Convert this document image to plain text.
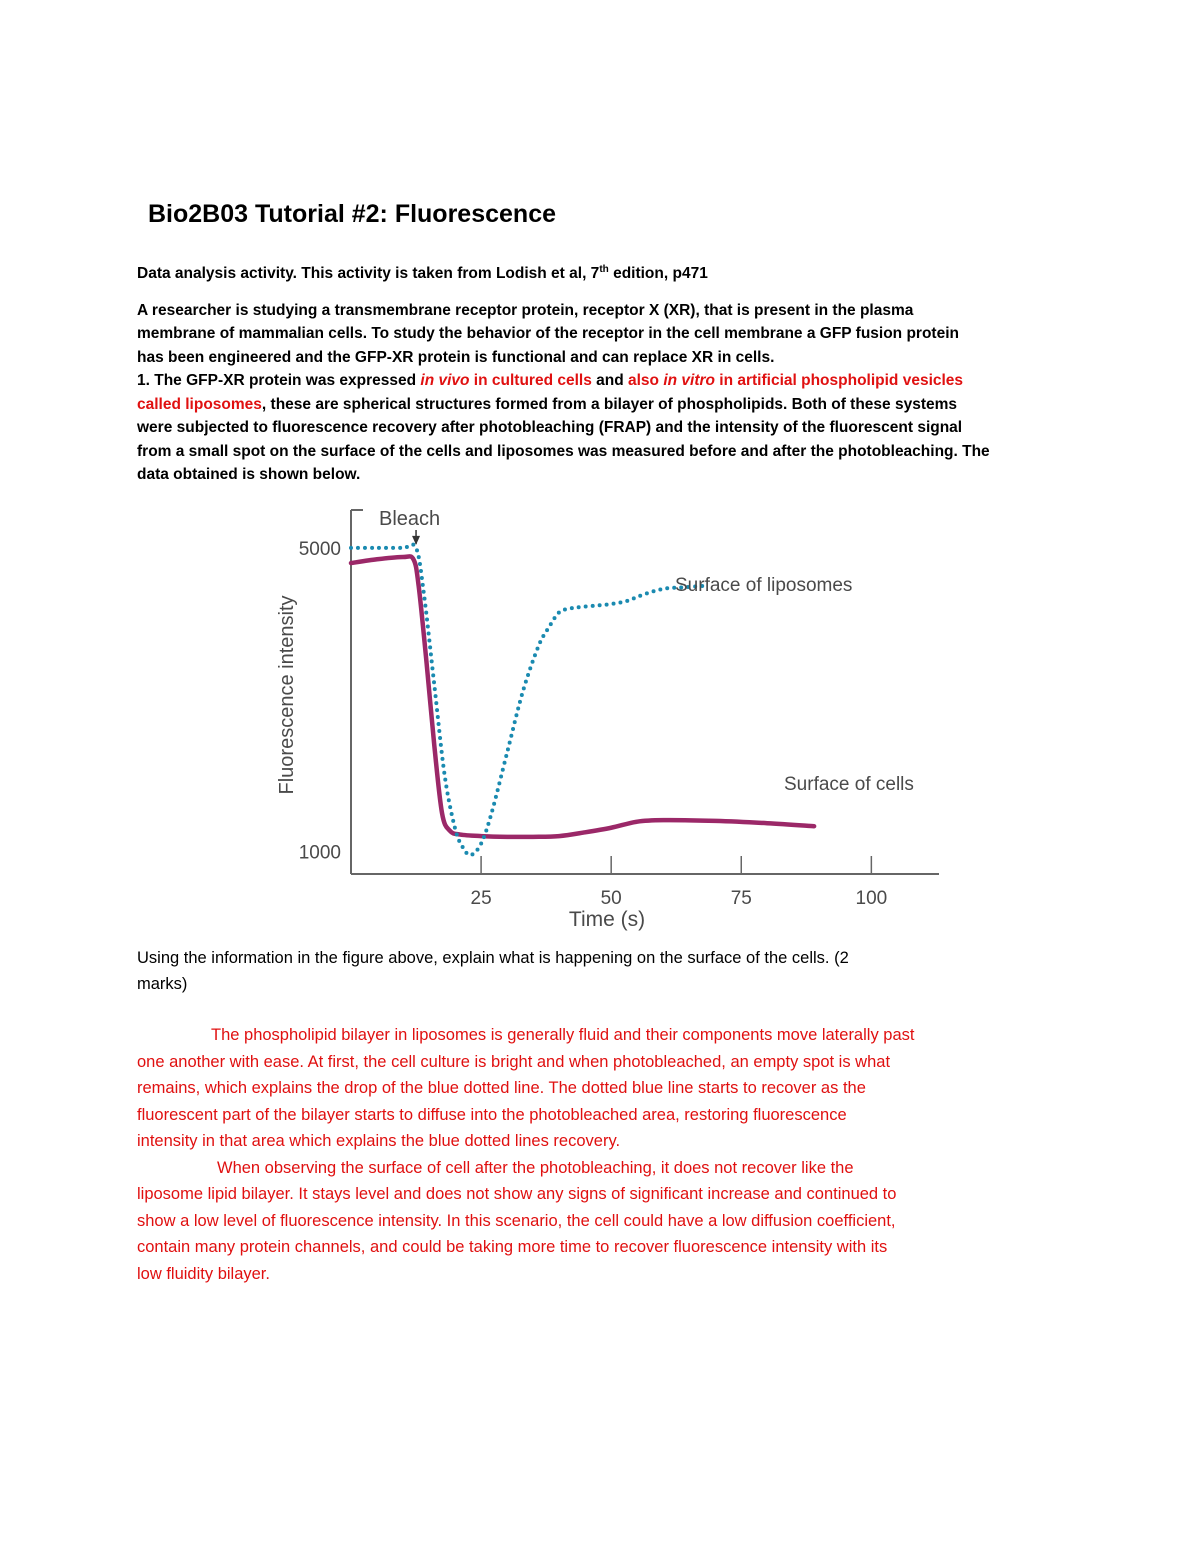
Bio2B03 Tutorial #2: Fluorescence
Data analysis activity. This activity is taken from Lodish et al, 7th edition, p471
A researcher is studying a transmembrane receptor protein, receptor X (XR), that is present in the plasma
membrane of mammalian cells. To study the behavior of the receptor in the cell membrane a GFP fusion protein
has been engineered and the GFP-XR protein is functional and can replace XR in cells.
1. The GFP-XR protein was expressed in vivo in cultured cells and also in vitro in artificial phospholipid vesicles
called liposomes, these are spherical structures formed from a bilayer of phospholipids. Both of these systems
were subjected to fluorescence recovery after photobleaching (FRAP) and the intensity of the fluorescent signal
from a small spot on the surface of the cells and liposomes was measured before and after the photobleaching. The
data obtained is shown below.
25	50	75	100
1000
5000
Fluorescence intensity
Time (s)
Bleach
Surface of liposomes
Surface of cells
Using the information in the figure above, explain what is happening on the surface of the cells. (2
marks)
The phospholipid bilayer in liposomes is generally fluid and their components move laterally past
one another with ease. At first, the cell culture is bright and when photobleached, an empty spot is what
remains, which explains the drop of the blue dotted line. The dotted blue line starts to recover as the
fluorescent part of the bilayer starts to diffuse into the photobleached area, restoring fluorescence
intensity in that area which explains the blue dotted lines recovery.
When observing the surface of cell after the photobleaching, it does not recover like the
liposome lipid bilayer. It stays level and does not show any signs of significant increase and continued to
show a low level of fluorescence intensity. In this scenario, the cell could have a low diffusion coefficient,
contain many protein channels, and could be taking more time to recover fluorescence intensity with its
low fluidity bilayer.
